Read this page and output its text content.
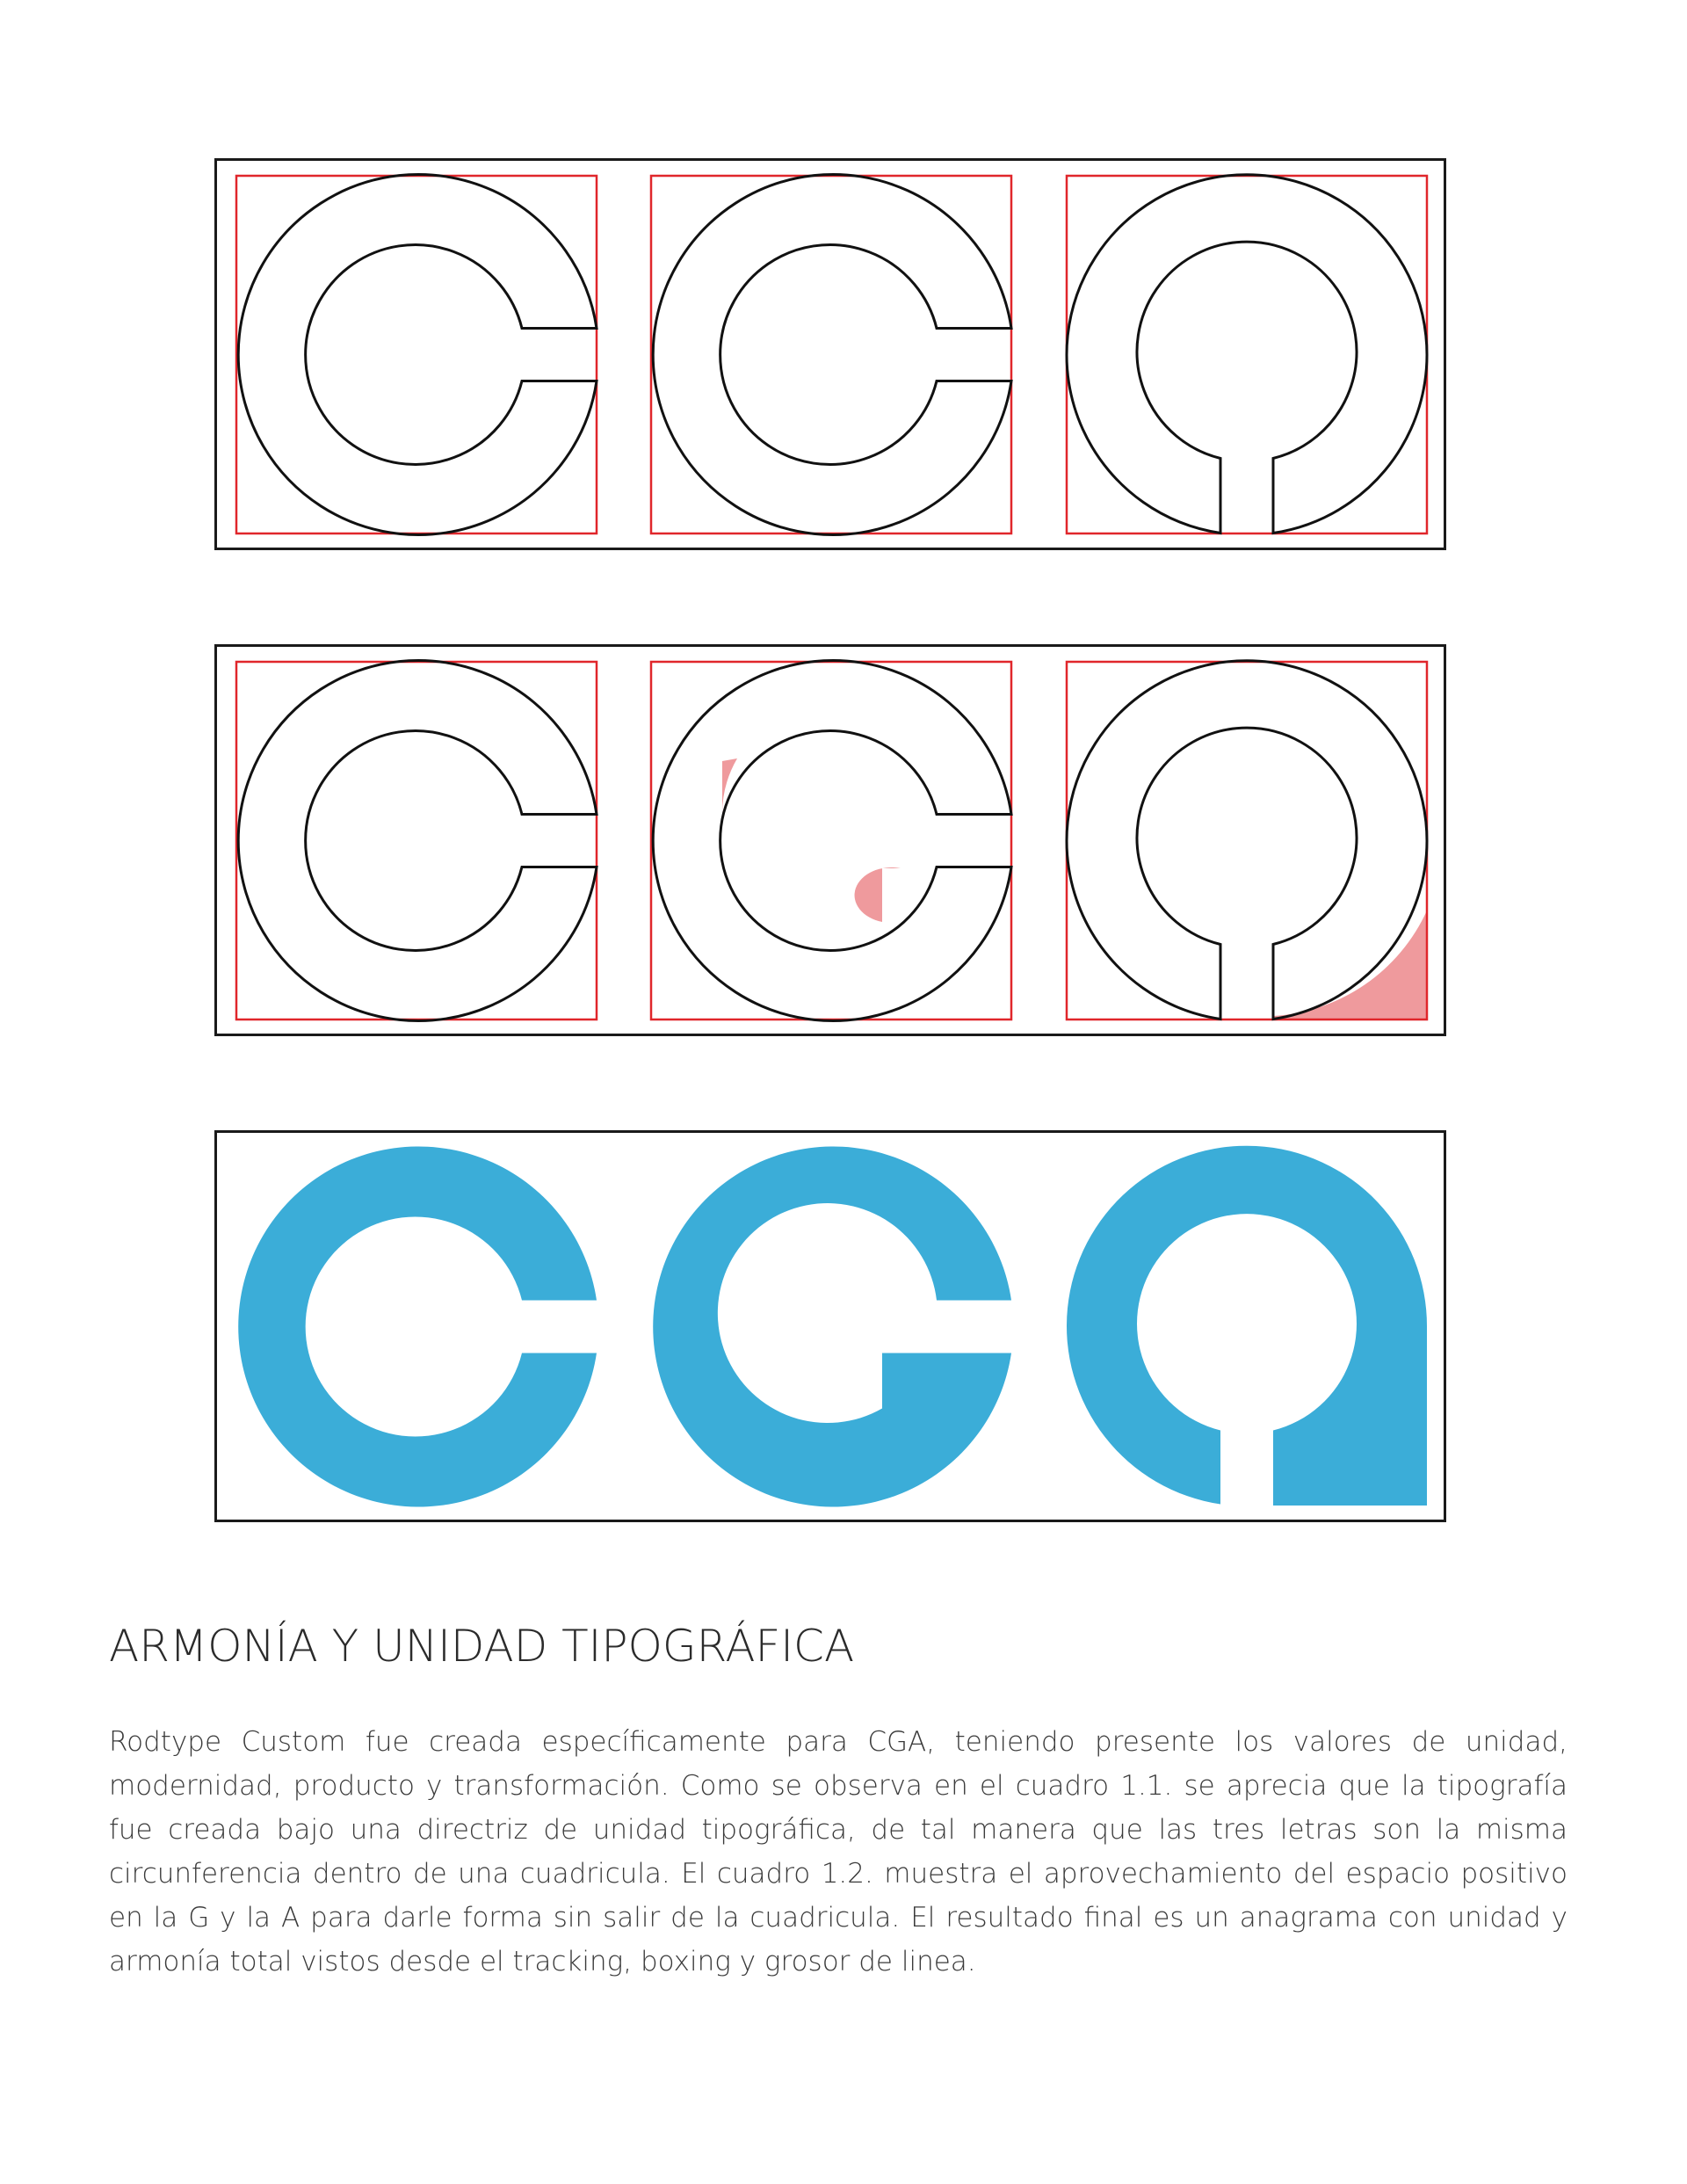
ARMONÍA Y UNIDAD TIPOGRÁFICA

Rodtype Custom fue creada específicamente para CGA, teniendo presente los valores de unidad, modernidad, producto y transformación. Como se observa en el cuadro 1.1. se aprecia que la tipografía fue creada bajo una directriz de unidad tipográfica, de tal manera que las tres letras son la misma circunferencia dentro de una cuadricula. El cuadro 1.2. muestra el aprovechamiento del espacio positivo en la G y la A para darle forma sin salir de la cuadricula. El resultado final es un anagrama con unidad y armonía total vistos desde el tracking, boxing y grosor de linea.
